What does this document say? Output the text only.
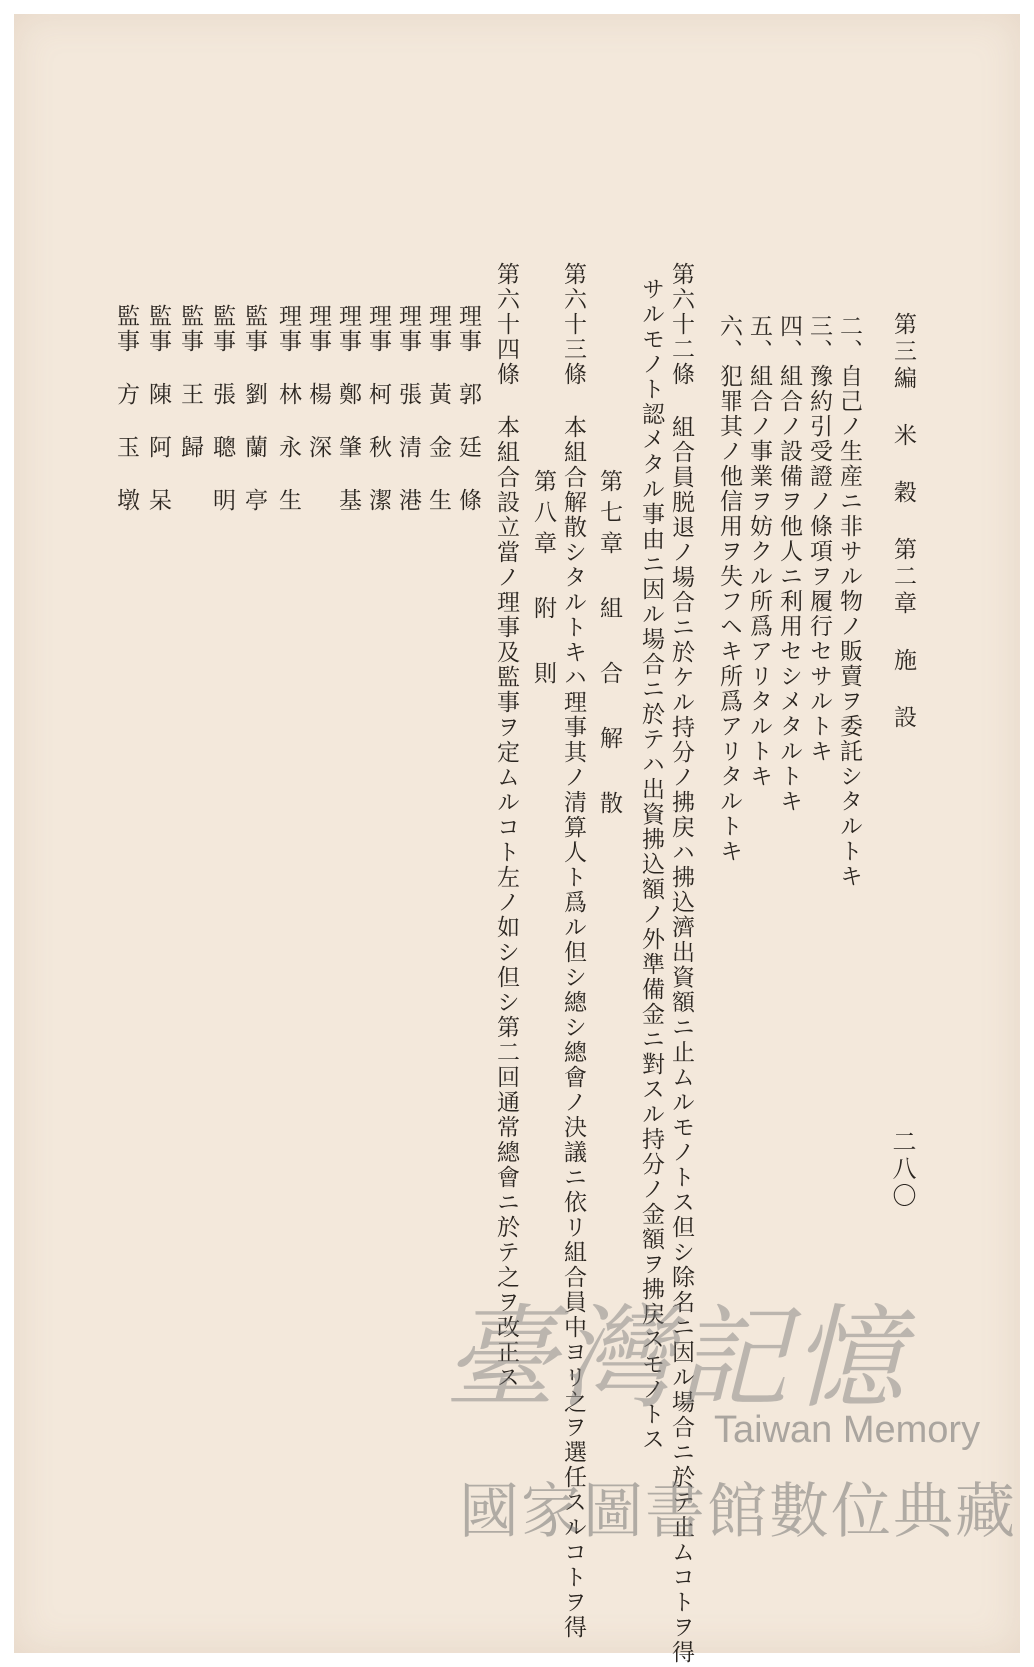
第三編 米 穀 第二章 施 設
二八〇
二、自己ノ生産ニ非サル物ノ販賣ヲ委託シタルトキ
三、豫約引受證ノ條項ヲ履行セサルトキ
四、組合ノ設備ヲ他人ニ利用セシメタルトキ
五、組合ノ事業ヲ妨クル所爲アリタルトキ
六、犯罪其ノ他信用ヲ失フヘキ所爲アリタルトキ
第六十二條 組合員脱退ノ場合ニ於ケル持分ノ拂戻ハ拂込濟出資額ニ止ムルモノトス但シ除名ニ因ル場合ニ於テ止ムコトヲ得
サルモノト認メタル事由ニ因ル場合ニ於テハ出資拂込額ノ外準備金ニ對スル持分ノ金額ヲ拂戻スモノトス
第七章 組 合 解 散
第六十三條 本組合解散シタルトキハ理事其ノ清算人ト爲ル但シ總シ總會ノ決議ニ依リ組合員中ヨリ之ヲ選任スルコトヲ得
第八章 附 則
第六十四條 本組合設立當ノ理事及監事ヲ定ムルコト左ノ如シ但シ第二回通常總會ニ於テ之ヲ改正ス
理事 郭 廷 條
理事 黃 金 生
理事 張 清 港
理事 柯 秋 潔
理事 鄭 肇 基
理事 楊 深
理事 林 永 生
監事 劉 蘭 亭
監事 張 聰 明
監事 王 歸
監事 陳 阿 呆
監事 方 玉 墩
臺灣記憶
Taiwan Memory
國家圖書館數位典藏
